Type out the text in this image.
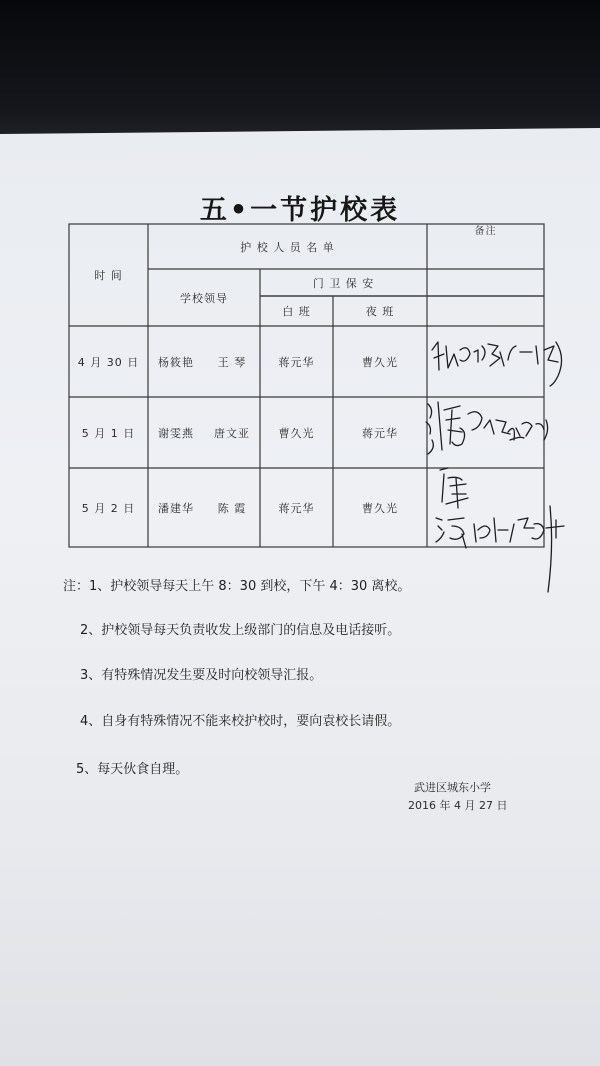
五•一节护校表
时 间
护 校 人 员 名 单
备注
学校领导
门 卫 保 安
白 班	夜 班
4 月 30 日	杨筱艳	王 琴	蒋元华	曹久光
5 月 1 日	谢雯燕	唐文亚	曹久光	蒋元华
5 月 2 日	潘建华	陈 霞	蒋元华	曹久光
注：1、护校领导每天上午 8：30 到校，下午 4：30 离校。
2、护校领导每天负责收发上级部门的信息及电话接听。
3、有特殊情况发生要及时向校领导汇报。
4、自身有特殊情况不能来校护校时，要向袁校长请假。
5、每天伙食自理。
武进区城东小学
2016 年 4 月 27 日
